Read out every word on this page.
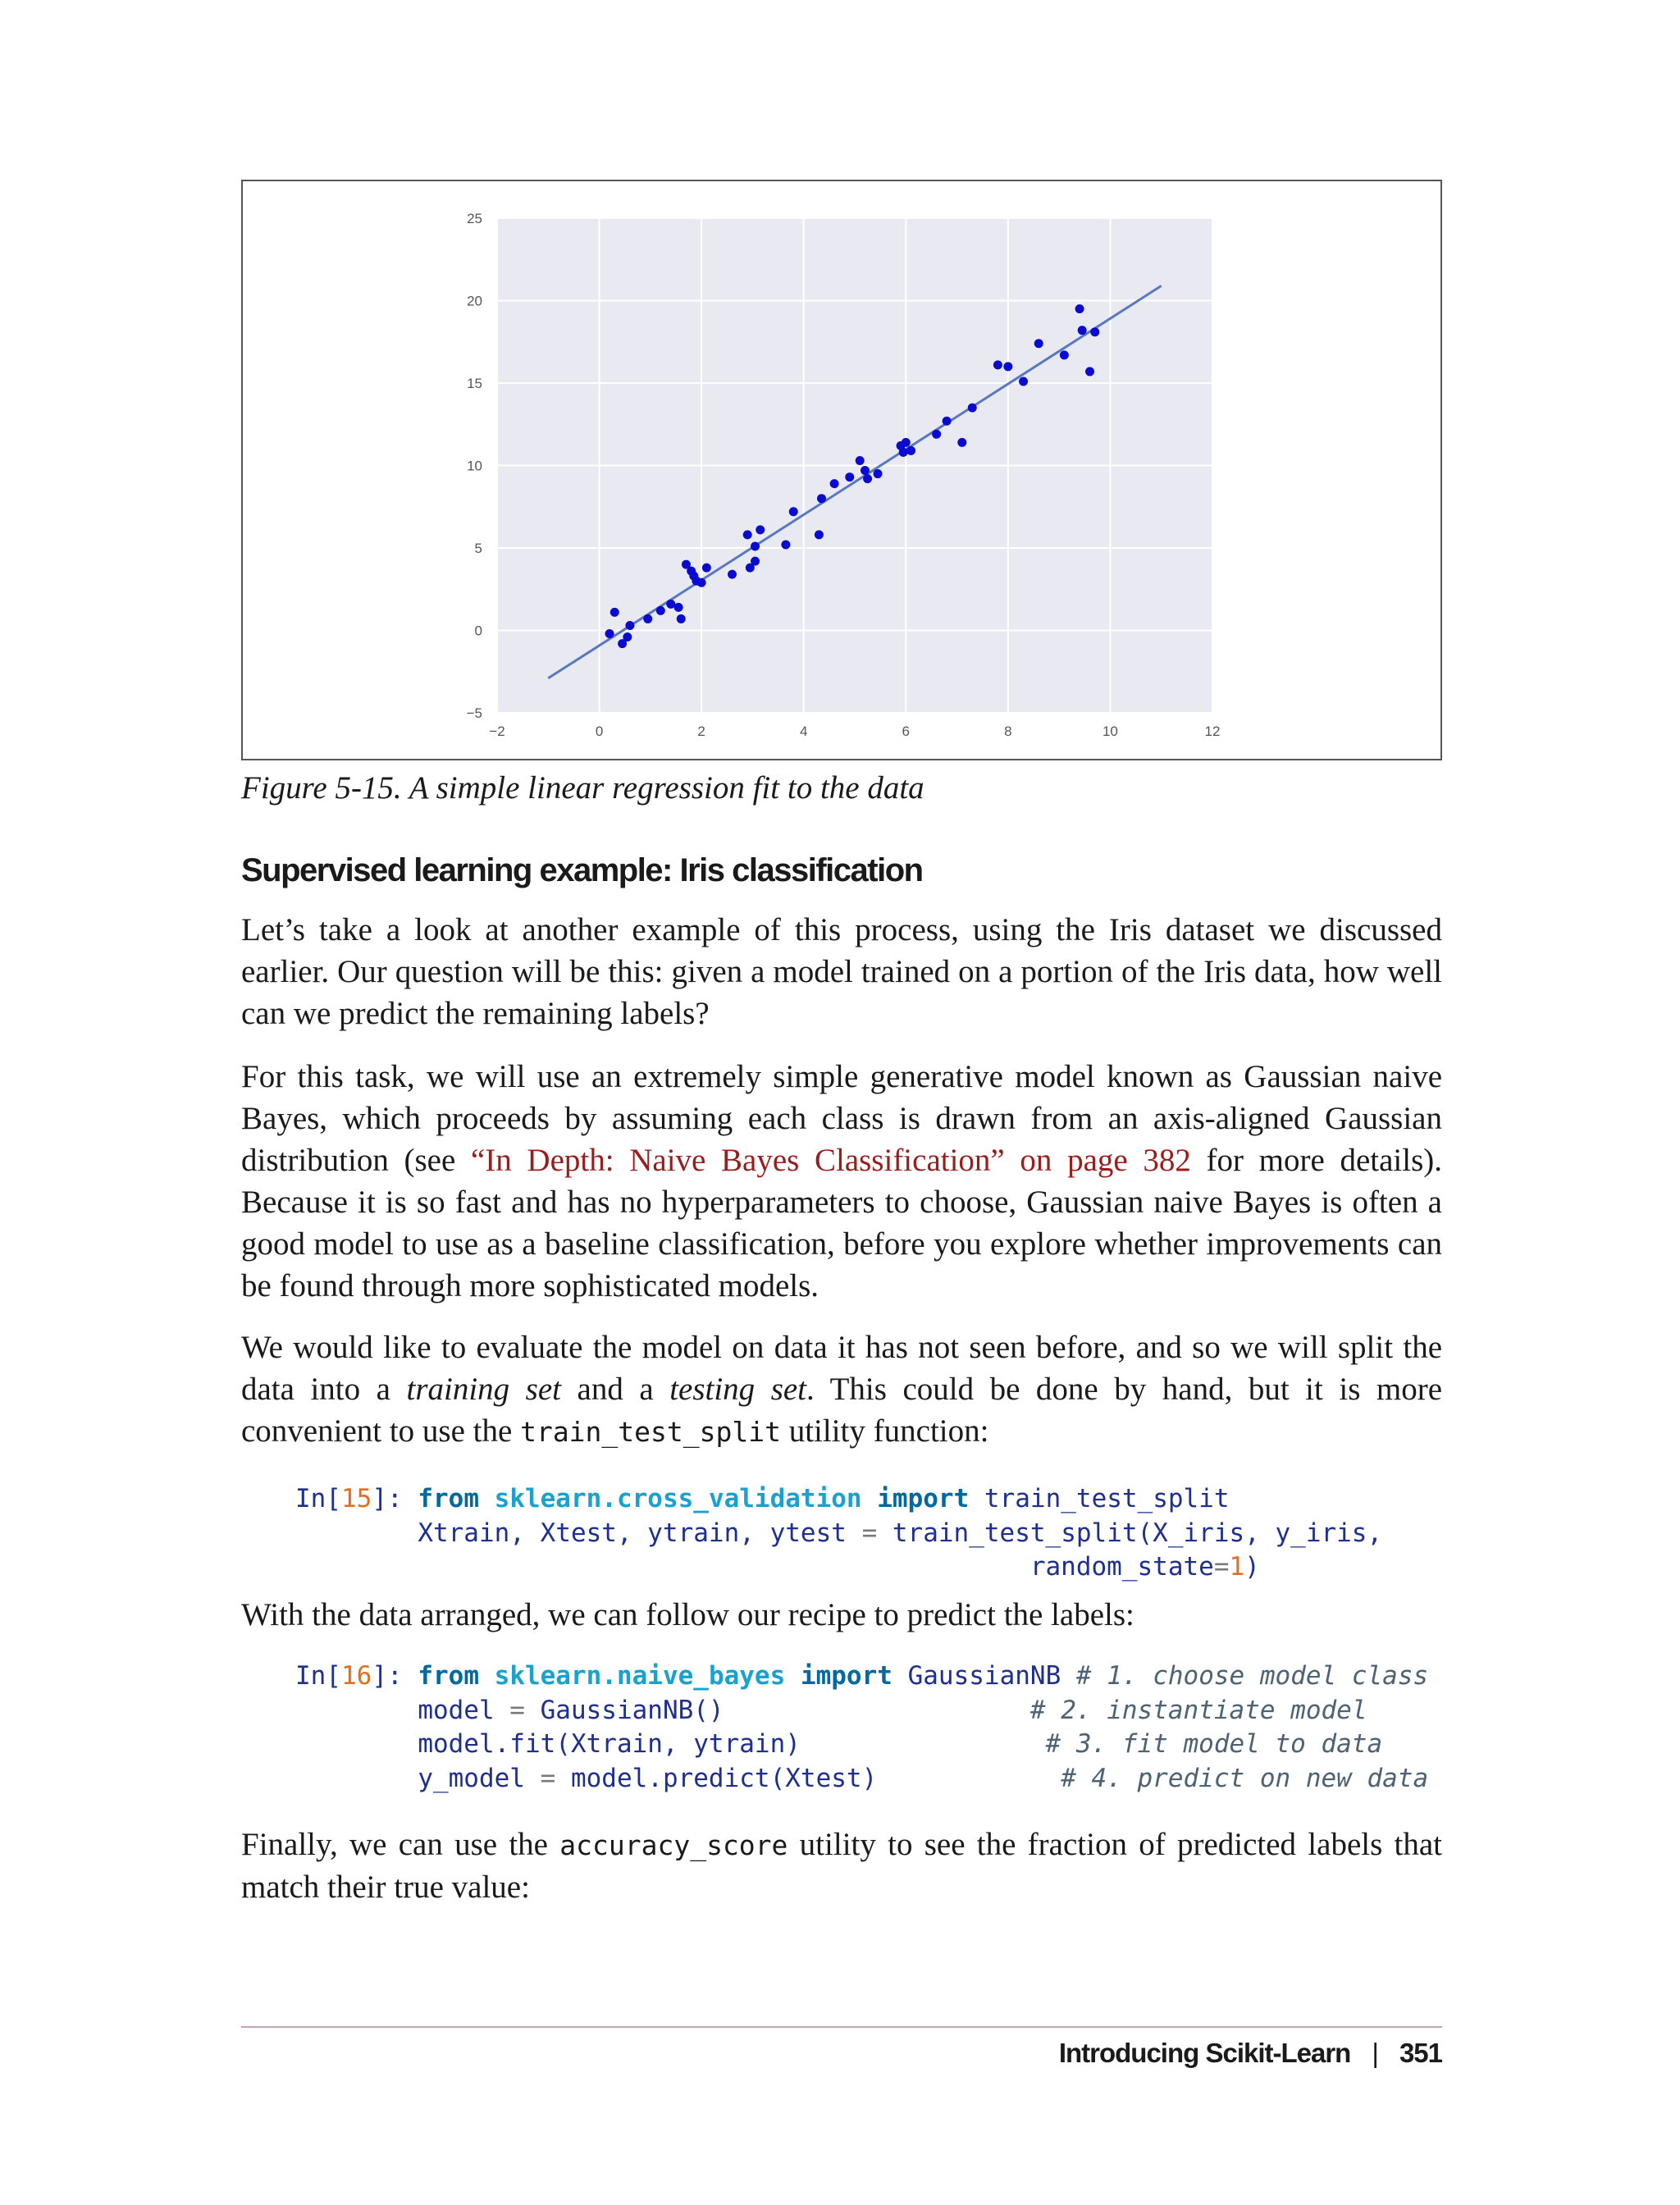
−2	0	2	4	6	8	10	12
−5
0
5
10
15
20
25
Figure 5-15. A simple linear regression fit to the data
Supervised learning example: Iris classification

Let’s take a look at another example of this process, using the Iris dataset we discussed earlier. Our question will be this: given a model trained on a portion of the Iris data, how well can we predict the remaining labels?

For this task, we will use an extremely simple generative model known as Gaussian naive Bayes, which proceeds by assuming each class is drawn from an axis-aligned Gaussian distribution (see “In Depth: Naive Bayes Classification” on page 382 for more details). Because it is so fast and has no hyperparameters to choose, Gaussian naive Bayes is often a good model to use as a baseline classification, before you explore whether improvements can be found through more sophisticated models.

We would like to evaluate the model on data it has not seen before, and so we will split the data into a training set and a testing set. This could be done by hand, but it is more convenient to use the train_test_split utility function:

In[15]: from sklearn.cross_validation import train_test_split
Xtrain, Xtest, ytrain, ytest = train_test_split(X_iris, y_iris,
random_state=1)

With the data arranged, we can follow our recipe to predict the labels:

In[16]: from sklearn.naive_bayes import GaussianNB # 1. choose model class
model = GaussianNB()	# 2. instantiate model
model.fit(Xtrain, ytrain)	# 3. fit model to data
y_model = model.predict(Xtest)	# 4. predict on new data

Finally, we can use the accuracy_score utility to see the fraction of predicted labels that match their true value:

Introducing Scikit-Learn | 351
